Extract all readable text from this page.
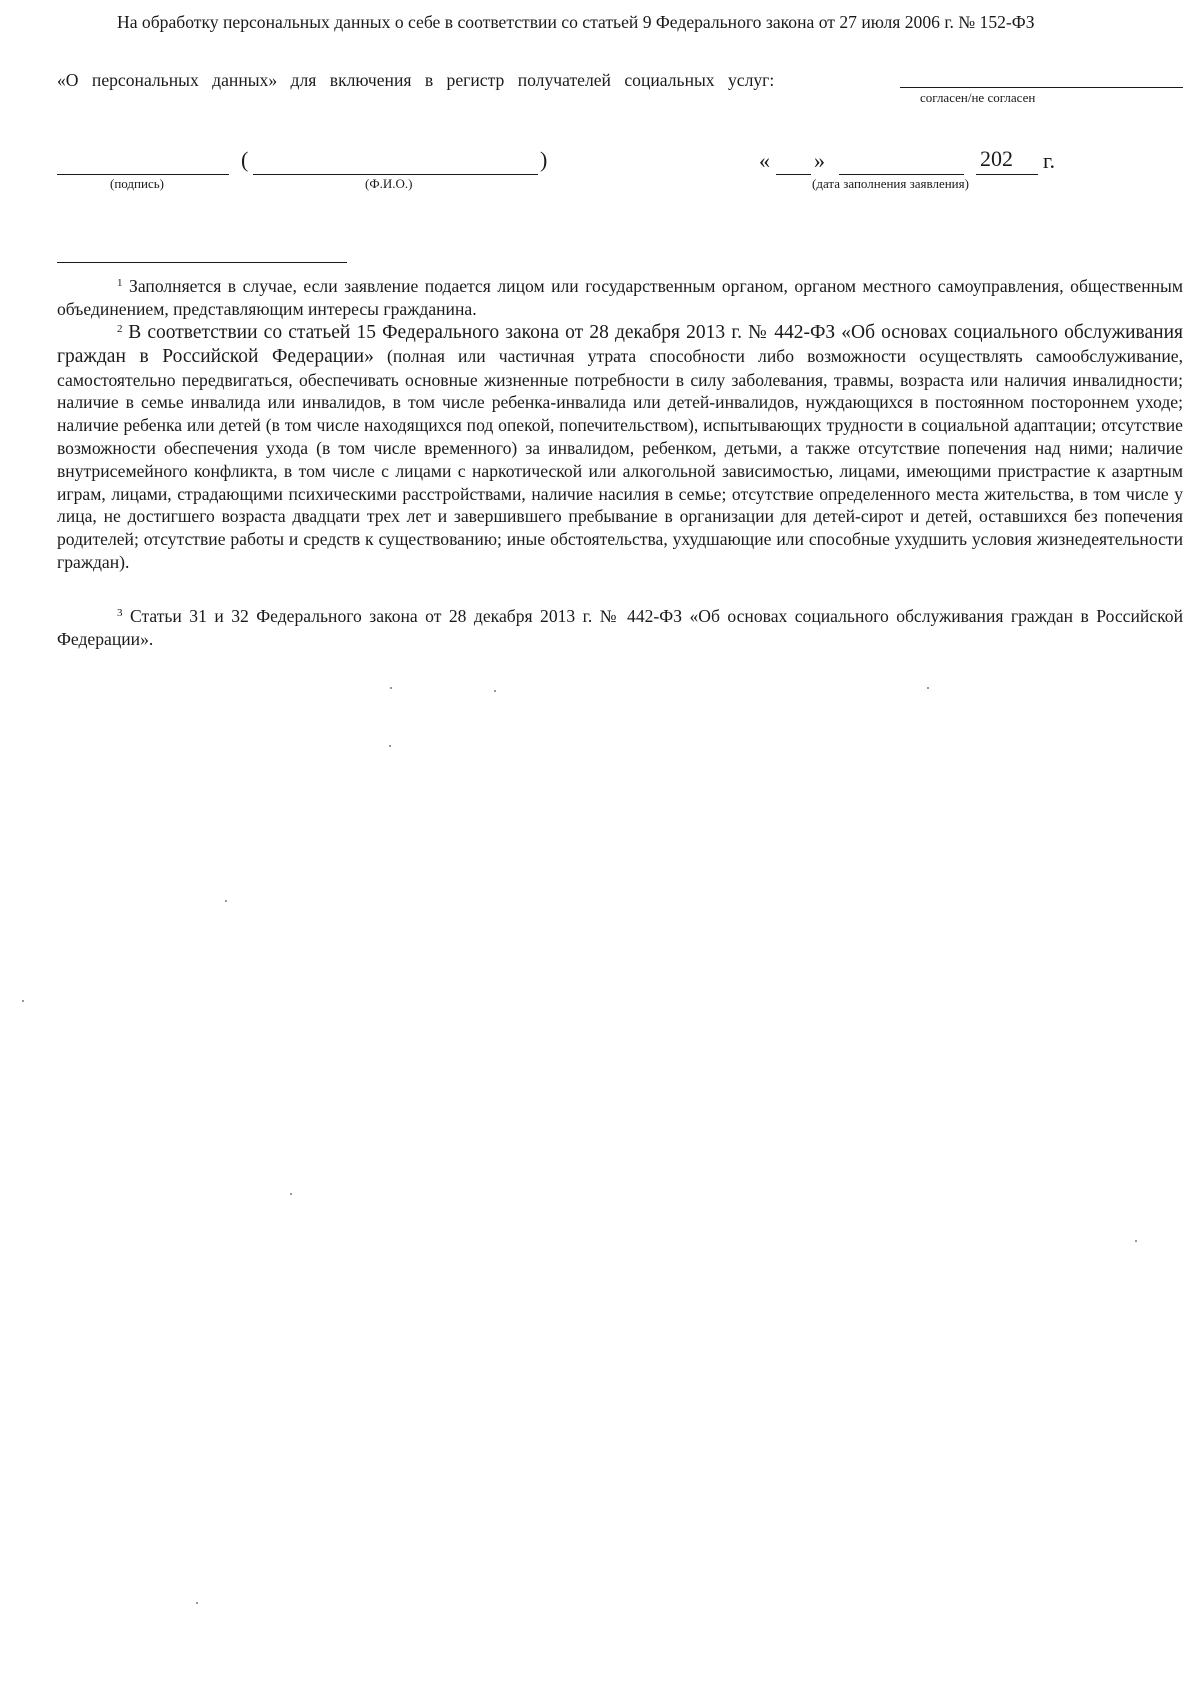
На обработку персональных данных о себе в соответствии со статьей 9 Федерального закона от 27 июля 2006 г. № 152-ФЗ
«О персональных данных» для включения в регистр получателей социальных услуг:
согласен/не согласен
(	)
(подпись)	(Ф.И.О.)
« »	202 г.
(дата заполнения заявления)
$^1$ Заполняется в случае, если заявление подается лицом или государственным органом, органом местного самоуправления, общественным объединением, представляющим интересы гражданина.
$^2$ В соответствии со статьей 15 Федерального закона от 28 декабря 2013 г. № 442-ФЗ «Об основах социального обслуживания граждан в Российской Федерации» (полная или частичная утрата способности либо возможности осуществлять самообслуживание, самостоятельно передвигаться, обеспечивать основные жизненные потребности в силу заболевания, травмы, возраста или наличия инвалидности; наличие в семье инвалида или инвалидов, в том числе ребенка-инвалида или детей-инвалидов, нуждающихся в постоянном постороннем уходе; наличие ребенка или детей (в том числе находящихся под опекой, попечительством), испытывающих трудности в социальной адаптации; отсутствие возможности обеспечения ухода (в том числе временного) за инвалидом, ребенком, детьми, а также отсутствие попечения над ними; наличие внутрисемейного конфликта, в том числе с лицами с наркотической или алкогольной зависимостью, лицами, имеющими пристрастие к азартным играм, лицами, страдающими психическими расстройствами, наличие насилия в семье; отсутствие определенного места жительства, в том числе у лица, не достигшего возраста двадцати трех лет и завершившего пребывание в организации для детей-сирот и детей, оставшихся без попечения родителей; отсутствие работы и средств к существованию; иные обстоятельства, ухудшающие или способные ухудшить условия жизнедеятельности граждан).
$^3$ Статьи 31 и 32 Федерального закона от 28 декабря 2013 г. № 442-ФЗ «Об основах социального обслуживания граждан в Российской Федерации».
